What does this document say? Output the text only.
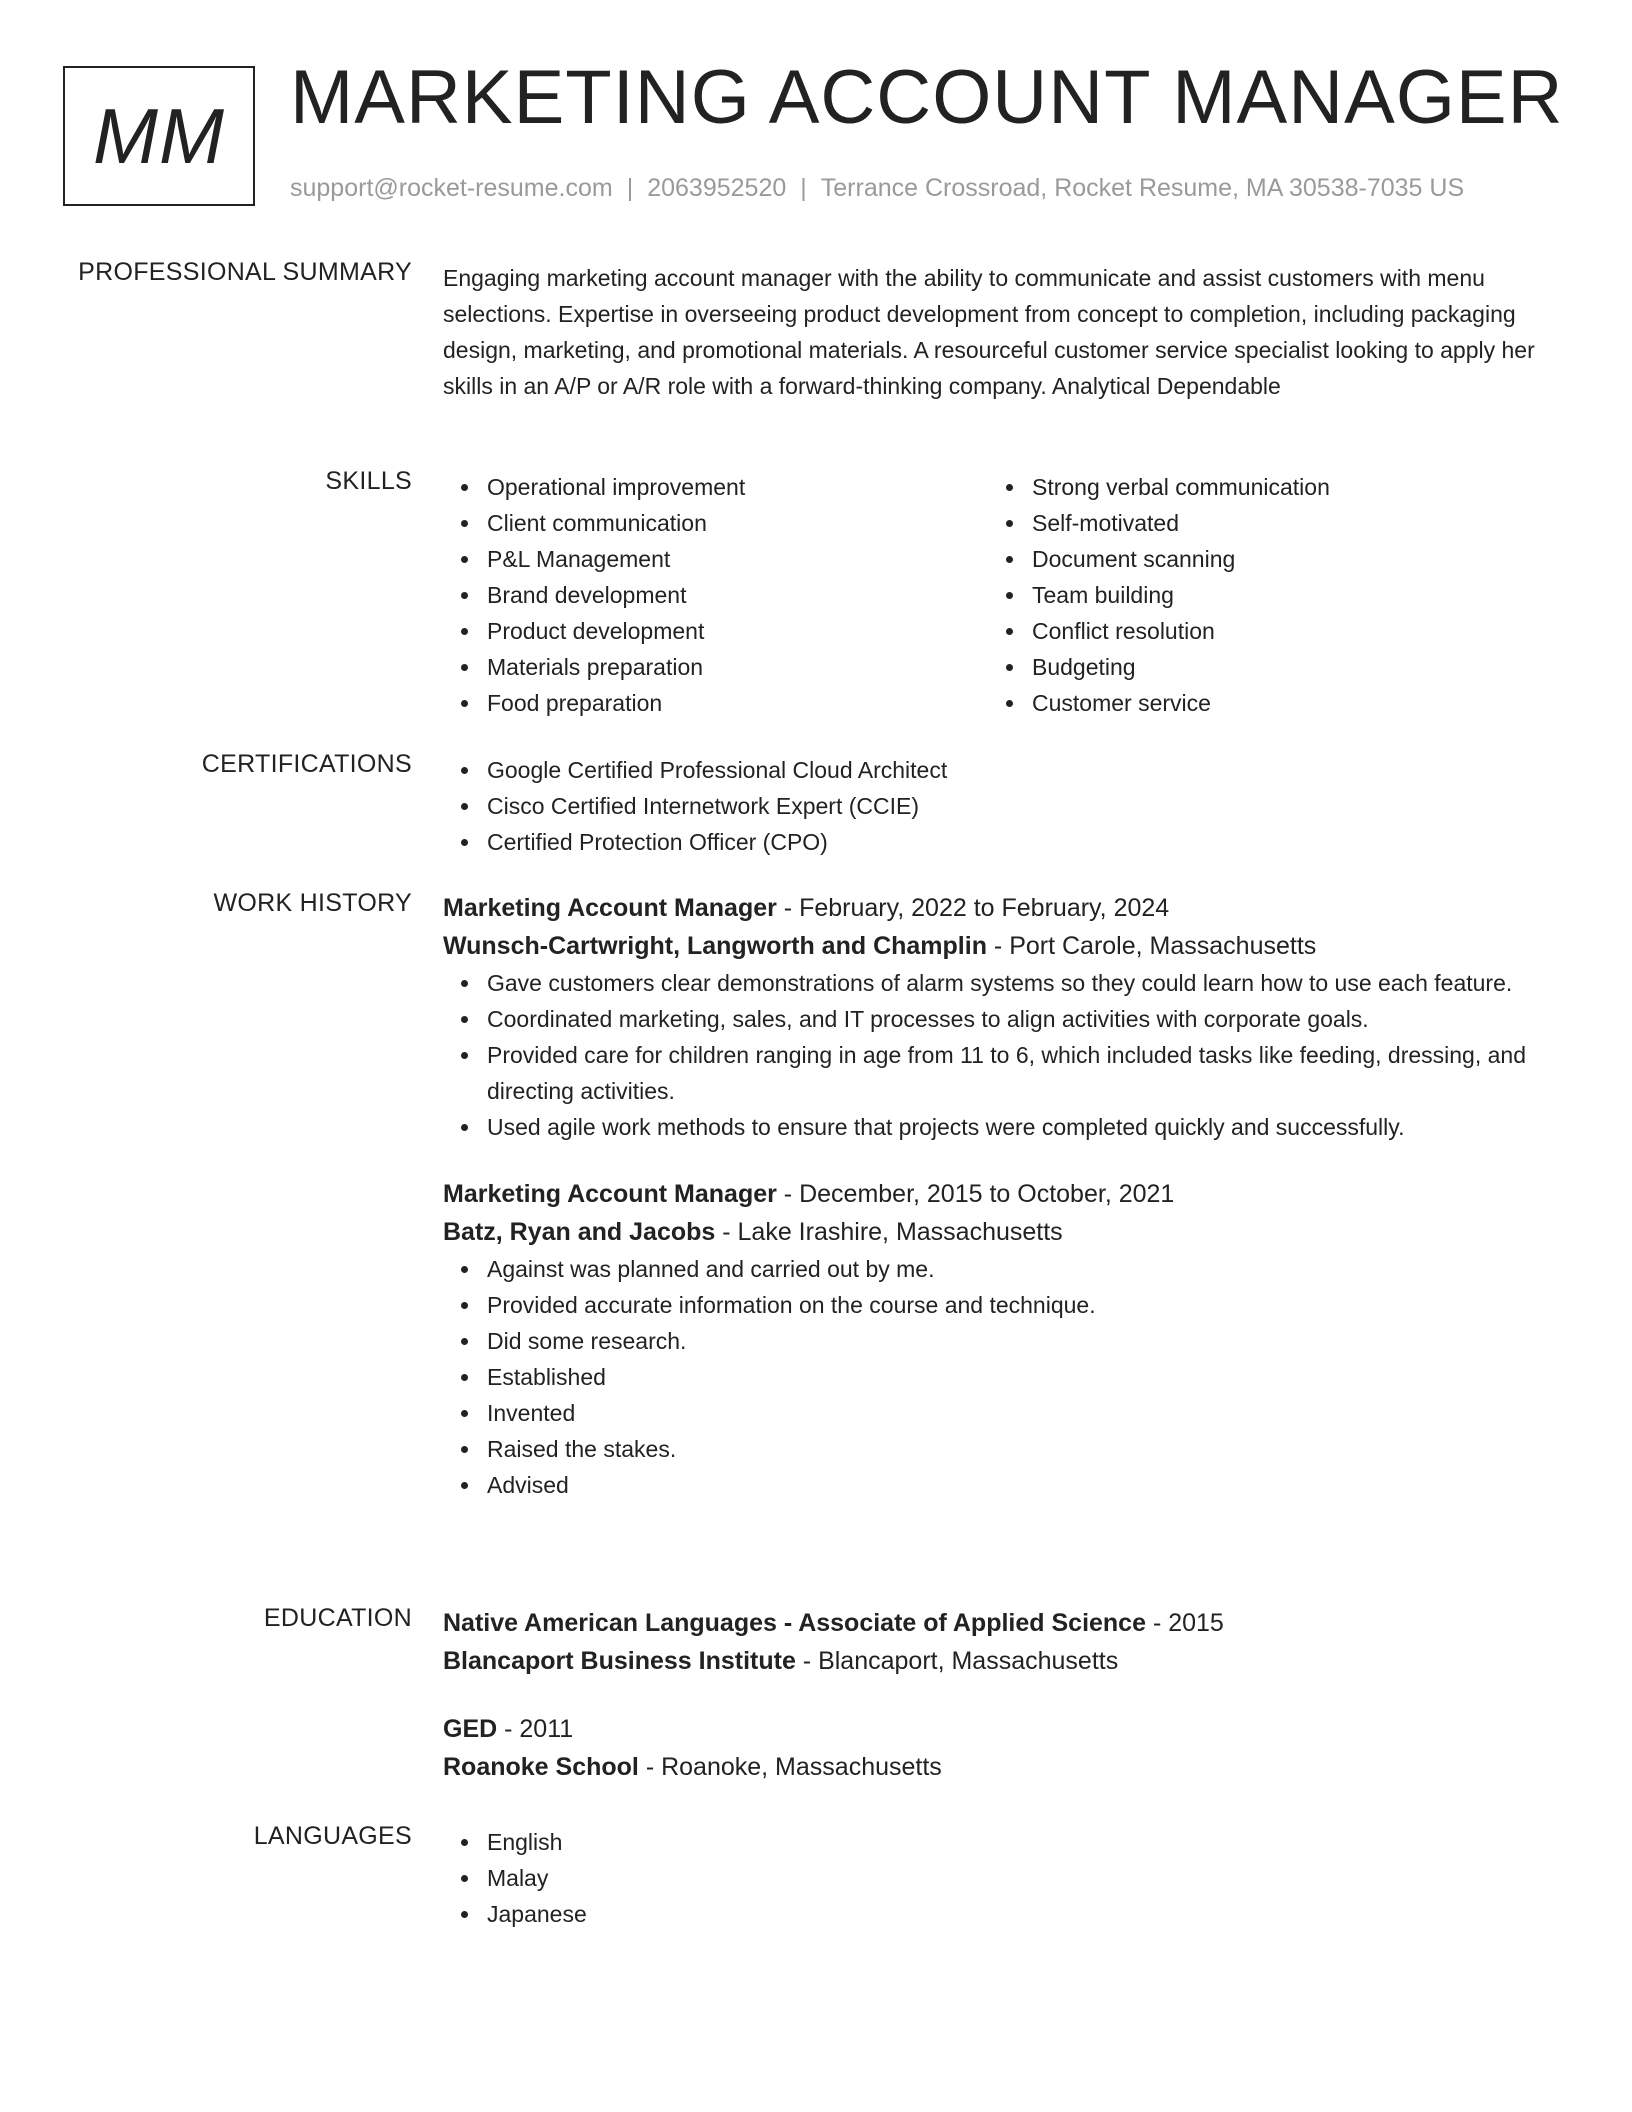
MM MARKETING ACCOUNT MANAGER
support@rocket-resume.com | 2063952520 | Terrance Crossroad, Rocket Resume, MA 30538-7035 US
PROFESSIONAL SUMMARY Engaging marketing account manager with the ability to communicate and assist customers with menu selections. Expertise in overseeing product development from concept to completion, including packaging design, marketing, and promotional materials. A resourceful customer service specialist looking to apply her skills in an A/P or A/R role with a forward-thinking company. Analytical Dependable

SKILLS	Operational improvement
Client communication
P&L Management
Brand development
Product development
Materials preparation
Food preparation
Strong verbal communication
Self-motivated
Document scanning
Team building
Conflict resolution
Budgeting
Customer service
CERTIFICATIONS	Google Certified Professional Cloud Architect
Cisco Certified Internetwork Expert (CCIE)
Certified Protection Officer (CPO)
WORK HISTORY Marketing Account Manager - February, 2022 to February, 2024
Wunsch-Cartwright, Langworth and Champlin - Port Carole, Massachusetts
Gave customers clear demonstrations of alarm systems so they could learn how to use each feature.
Coordinated marketing, sales, and IT processes to align activities with corporate goals.
Provided care for children ranging in age from 11 to 6, which included tasks like feeding, dressing, and directing activities.
Used agile work methods to ensure that projects were completed quickly and successfully.
Marketing Account Manager - December, 2015 to October, 2021
Batz, Ryan and Jacobs - Lake Irashire, Massachusetts
Against was planned and carried out by me.
Provided accurate information on the course and technique.
Did some research.
Established
Invented
Raised the stakes.
Advised
EDUCATION Native American Languages - Associate of Applied Science - 2015
Blancaport Business Institute - Blancaport, Massachusetts
GED - 2011
Roanoke School - Roanoke, Massachusetts
LANGUAGES	English
Malay
Japanese
